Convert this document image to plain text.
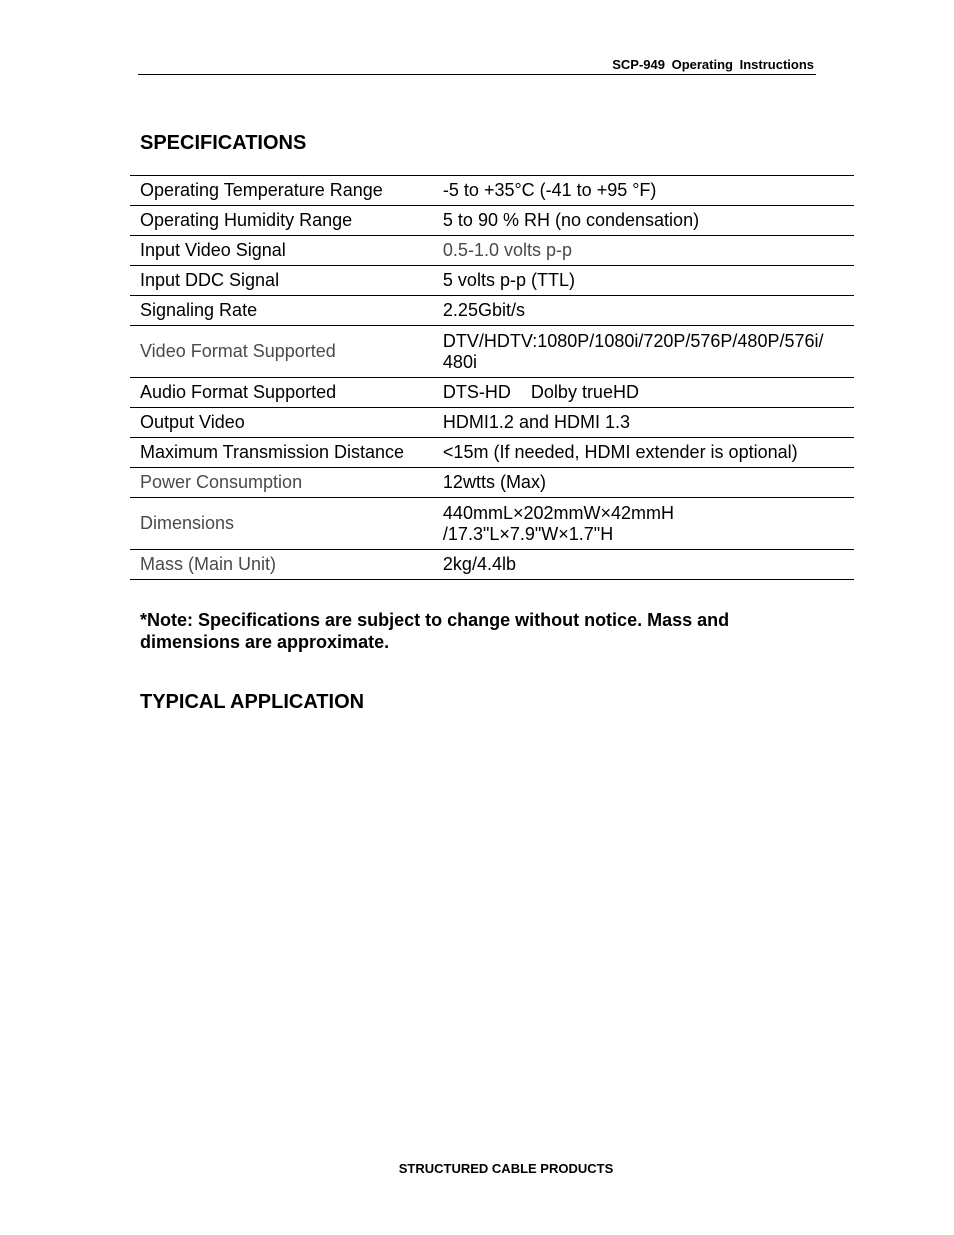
SCP-949 Operating Instructions
SPECIFICATIONS
Operating Temperature Range	-5 to +35°C (-41 to +95 °F)
Operating Humidity Range	5 to 90 % RH (no condensation)
Input Video Signal	0.5-1.0 volts p-p
Input DDC Signal	5 volts p-p (TTL)
Signaling Rate	2.25Gbit/s
Video Format Supported	DTV/HDTV:1080P/1080i/720P/576P/480P/576i/ 480i
Audio Format Supported	DTS-HD    Dolby trueHD
Output Video	HDMI1.2 and HDMI 1.3
Maximum Transmission Distance	<15m (If needed, HDMI extender is optional)
Power Consumption	12wtts (Max)
Dimensions	440mmL×202mmW×42mmH /17.3"L×7.9"W×1.7"H
Mass (Main Unit)	2kg/4.4lb

*Note: Specifications are subject to change without notice. Mass and dimensions are approximate.

TYPICAL APPLICATION
STRUCTURED CABLE PRODUCTS
